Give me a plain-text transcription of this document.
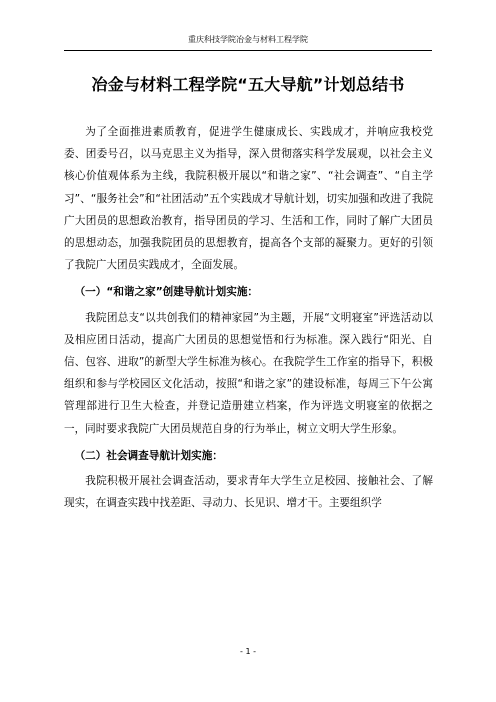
重庆科技学院冶金与材料工程学院
冶金与材料工程学院“五大导航”计划总结书

为了全面推进素质教育，促进学生健康成长、实践成才，并响应我校党委、团委号召，以马克思主义为指导，深入贯彻落实科学发展观，以社会主义核心价值观体系为主线，我院积极开展以“和谐之家”、“社会调查”、“自主学习”、“服务社会”和“社团活动”五个实践成才导航计划，切实加强和改进了我院广大团员的思想政治教育，指导团员的学习、生活和工作，同时了解广大团员的思想动态，加强我院团员的思想教育，提高各个支部的凝聚力。更好的引领了我院广大团员实践成才，全面发展。

（一）“和谐之家”创建导航计划实施：

我院团总支“以共创我们的精神家园”为主题，开展“文明寝室”评选活动以及相应团日活动，提高广大团员的思想觉悟和行为标准。深入践行“阳光、自信、包容、进取”的新型大学生标准为核心。在我院学生工作室的指导下，积极组织和参与学校园区文化活动，按照“和谐之家”的建设标准，每周三下午公寓管理部进行卫生大检查，并登记造册建立档案，作为评选文明寝室的依据之一，同时要求我院广大团员规范自身的行为举止，树立文明大学生形象。

（二）社会调查导航计划实施：

我院积极开展社会调查活动，要求青年大学生立足校园、接触社会、了解现实，在调查实践中找差距、寻动力、长见识、增才干。主要组织学

- 1 -
